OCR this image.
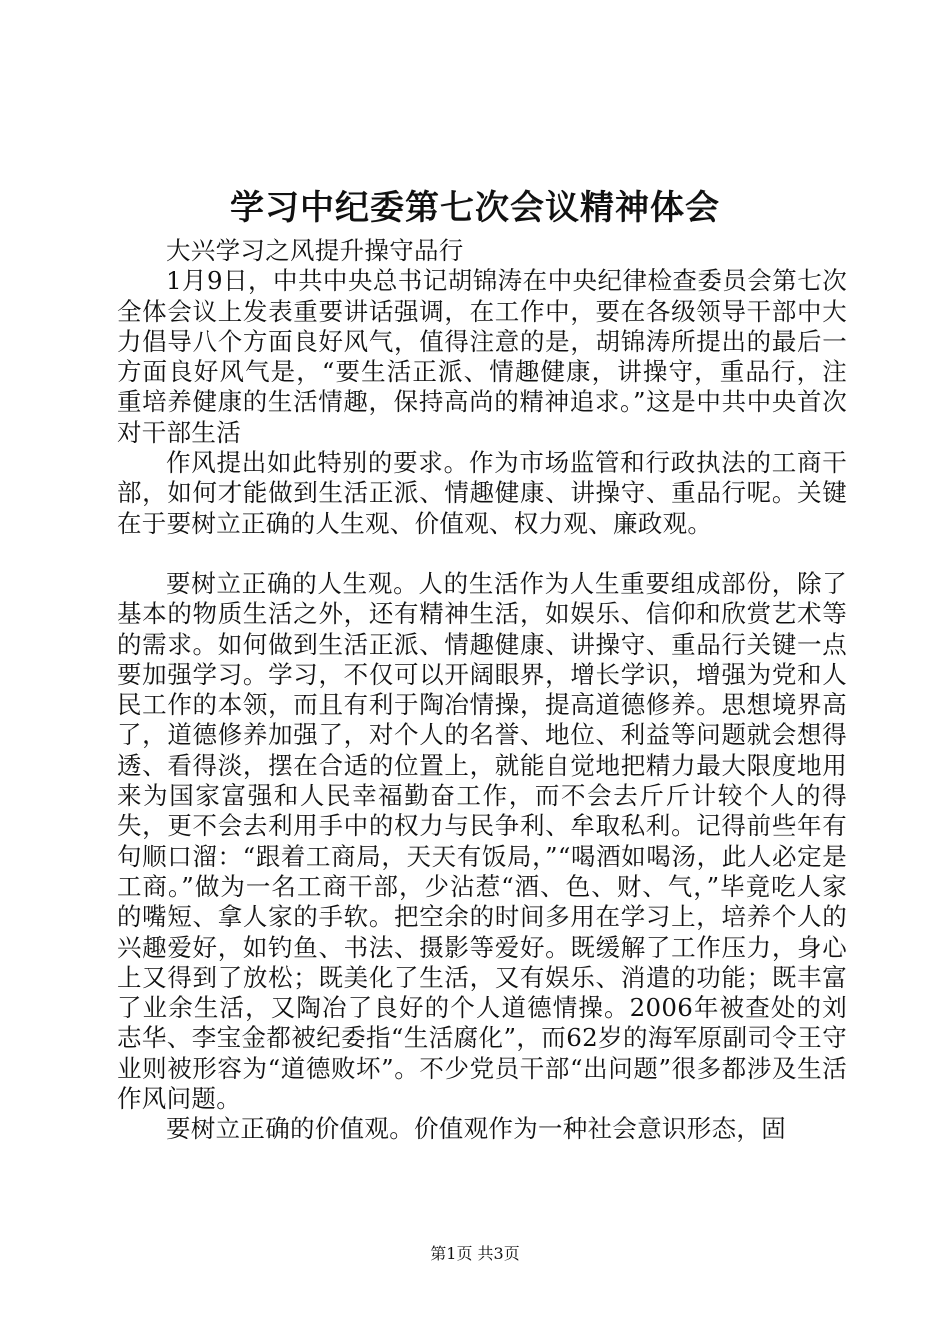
学习中纪委第七次会议精神体会

大兴学习之风提升操守品行

1月9日，中共中央总书记胡锦涛在中央纪律检查委员会第七次全体会议上发表重要讲话强调，在工作中，要在各级领导干部中大力倡导八个方面良好风气，值得注意的是，胡锦涛所提出的最后一方面良好风气是，“要生活正派、情趣健康，讲操守，重品行，注重培养健康的生活情趣，保持高尚的精神追求。”这是中共中央首次对干部生活

作风提出如此特别的要求。作为市场监管和行政执法的工商干部，如何才能做到生活正派、情趣健康、讲操守、重品行呢。关键在于要树立正确的人生观、价值观、权力观、廉政观。

要树立正确的人生观。人的生活作为人生重要组成部份，除了基本的物质生活之外，还有精神生活，如娱乐、信仰和欣赏艺术等的需求。如何做到生活正派、情趣健康、讲操守、重品行关键一点要加强学习。学习，不仅可以开阔眼界，增长学识，增强为党和人民工作的本领，而且有利于陶冶情操，提高道德修养。思想境界高了，道德修养加强了，对个人的名誉、地位、利益等问题就会想得透、看得淡，摆在合适的位置上，就能自觉地把精力最大限度地用来为国家富强和人民幸福勤奋工作，而不会去斤斤计较个人的得失，更不会去利用手中的权力与民争利、牟取私利。记得前些年有句顺口溜：“跟着工商局，天天有饭局，”“喝酒如喝汤，此人必定是工商。”做为一名工商干部，少沾惹“酒、色、财、气，”毕竟吃人家的嘴短、拿人家的手软。把空余的时间多用在学习上，培养个人的兴趣爱好，如钓鱼、书法、摄影等爱好。既缓解了工作压力，身心上又得到了放松；既美化了生活，又有娱乐、消遣的功能；既丰富了业余生活，又陶冶了良好的个人道德情操。2006年被查处的刘志华、李宝金都被纪委指“生活腐化”，而62岁的海军原副司令王守业则被形容为“道德败坏”。不少党员干部“出问题”很多都涉及生活作风问题。

要树立正确的价值观。价值观作为一种社会意识形态，固

第1页 共3页
